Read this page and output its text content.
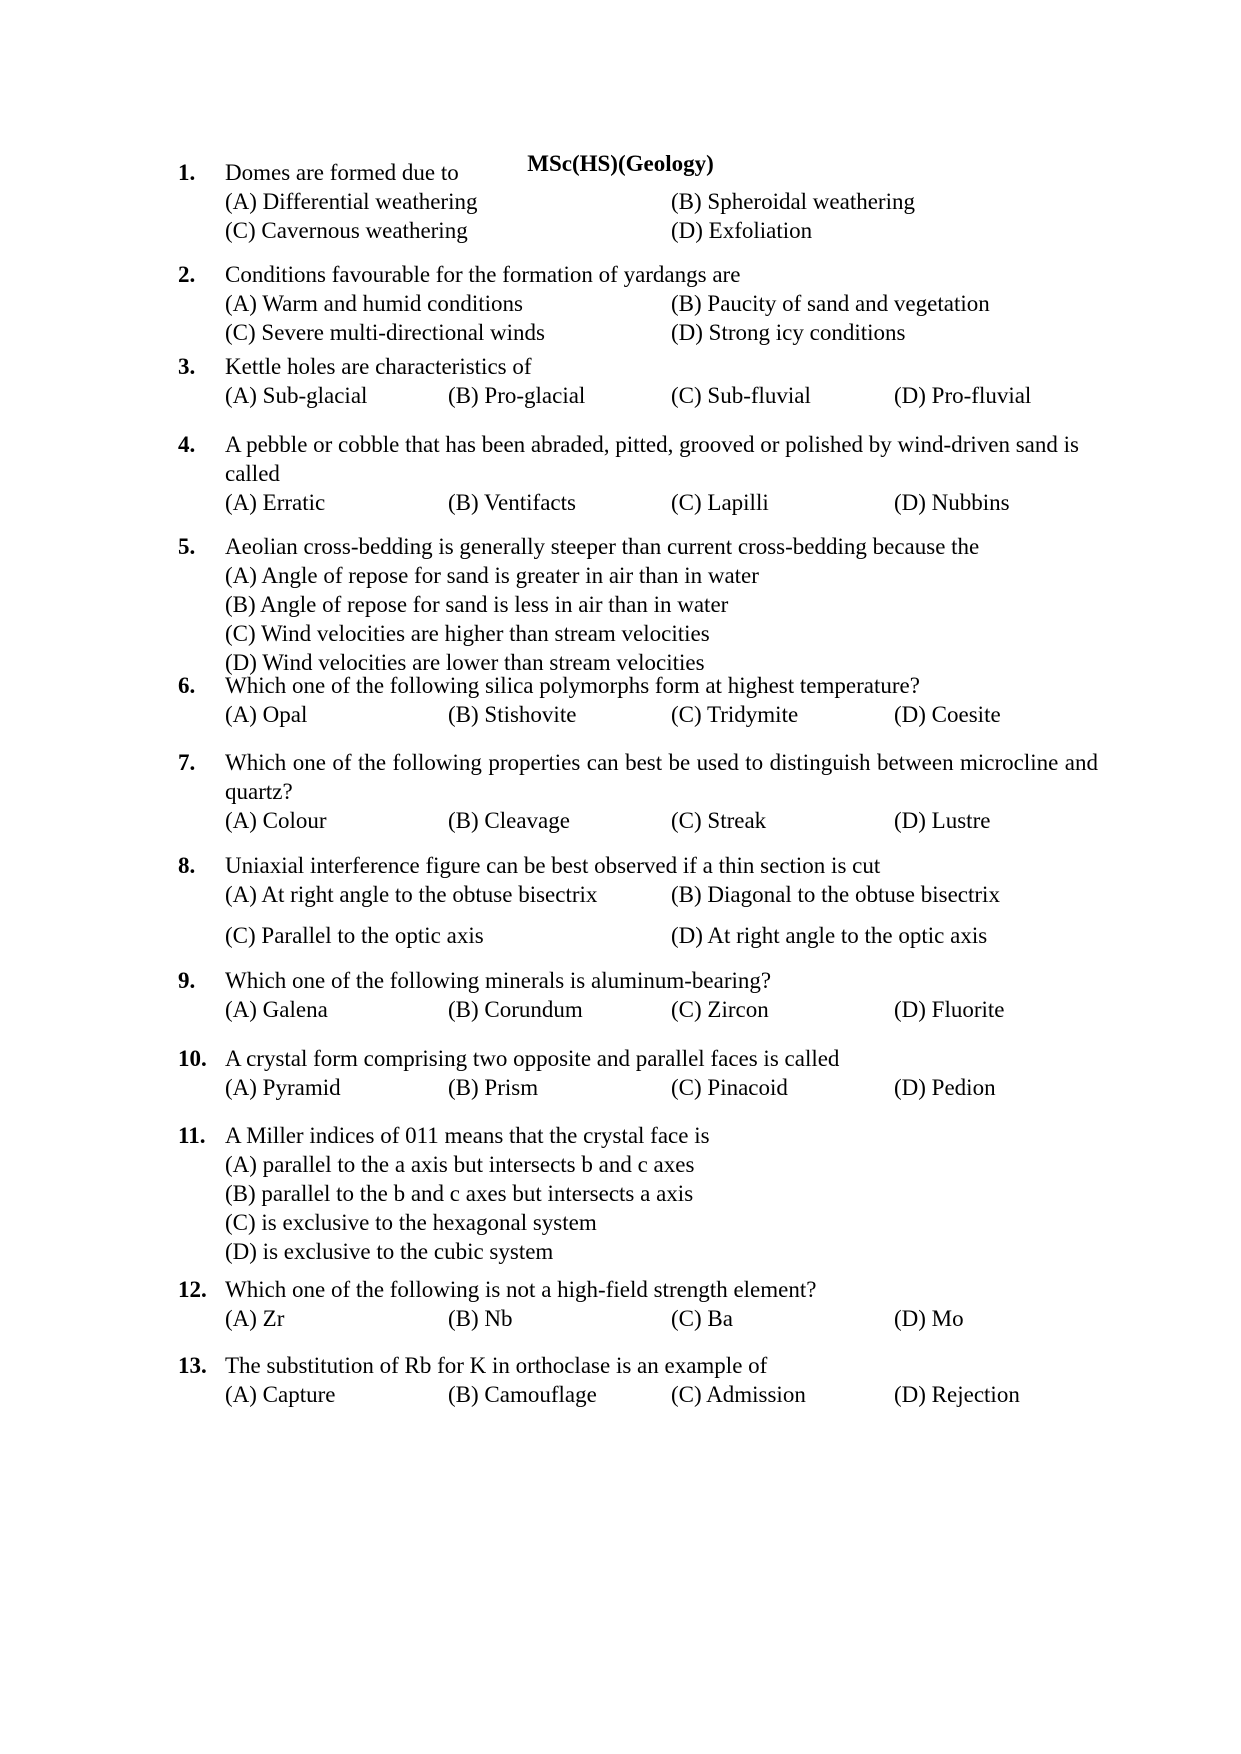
MSc(HS)(Geology)
1.	Domes are formed due to
(A) Differential weathering	(B) Spheroidal weathering
(C) Cavernous weathering	(D) Exfoliation
2.	Conditions favourable for the formation of yardangs are
(A) Warm and humid conditions	(B) Paucity of sand and vegetation
(C) Severe multi-directional winds	(D) Strong icy conditions
3.	Kettle holes are characteristics of
(A) Sub-glacial	(B) Pro-glacial	(C) Sub-fluvial	(D) Pro-fluvial
4.	A pebble or cobble that has been abraded, pitted, grooved or polished by wind-driven sand is called
(A) Erratic	(B) Ventifacts	(C) Lapilli	(D) Nubbins
5.	Aeolian cross-bedding is generally steeper than current cross-bedding because the
(A) Angle of repose for sand is greater in air than in water
(B) Angle of repose for sand is less in air than in water
(C) Wind velocities are higher than stream velocities
(D) Wind velocities are lower than stream velocities
6.	Which one of the following silica polymorphs form at highest temperature?
(A) Opal	(B) Stishovite	(C) Tridymite	(D) Coesite
7.	Which one of the following properties can best be used to distinguish between microcline and quartz?
(A) Colour	(B) Cleavage	(C) Streak	(D) Lustre
8.	Uniaxial interference figure can be best observed if a thin section is cut
(A) At right angle to the obtuse bisectrix	(B) Diagonal to the obtuse bisectrix
(C) Parallel to the optic axis	(D) At right angle to the optic axis
9.	Which one of the following minerals is aluminum-bearing?
(A) Galena	(B) Corundum	(C) Zircon	(D) Fluorite
10. A crystal form comprising two opposite and parallel faces is called
(A) Pyramid	(B) Prism	(C) Pinacoid	(D) Pedion
11. A Miller indices of 011 means that the crystal face is
(A) parallel to the a axis but intersects b and c axes
(B) parallel to the b and c axes but intersects a axis
(C) is exclusive to the hexagonal system
(D) is exclusive to the cubic system
12. Which one of the following is not a high-field strength element?
(A) Zr	(B) Nb	(C) Ba	(D) Mo
13. The substitution of Rb for K in orthoclase is an example of
(A) Capture	(B) Camouflage	(C) Admission	(D) Rejection
